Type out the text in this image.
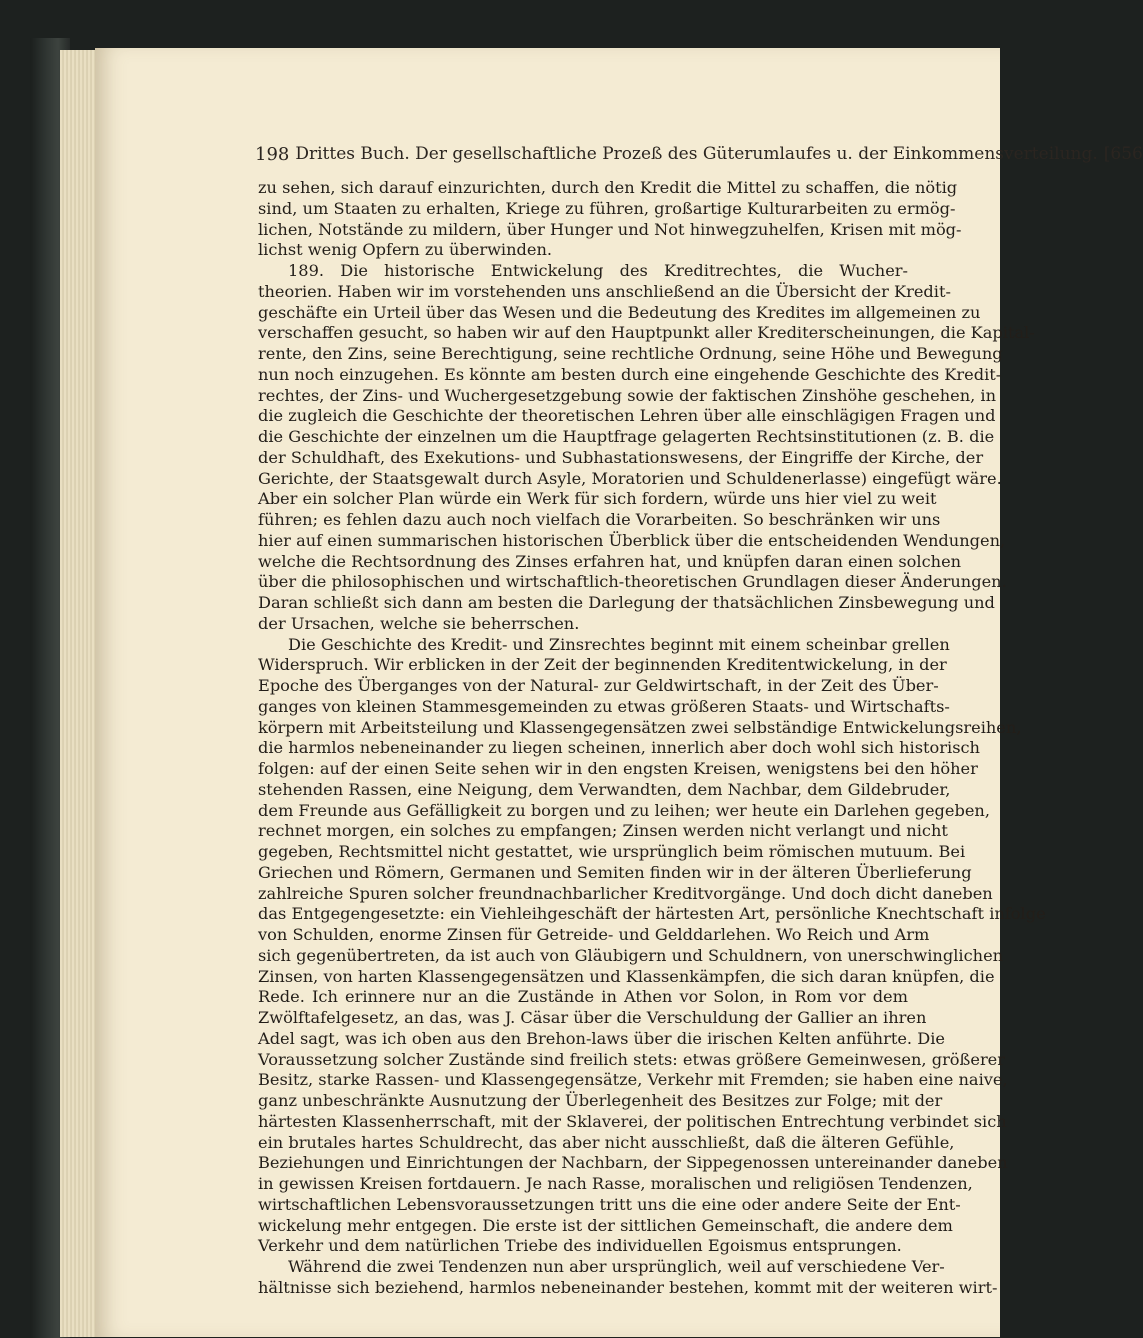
198 Drittes Buch. Der gesellschaftliche Prozeß des Güterumlaufes u. der Einkommensverteilung. [656
zu sehen, sich darauf einzurichten, durch den Kredit die Mittel zu schaffen, die nötig
sind, um Staaten zu erhalten, Kriege zu führen, großartige Kulturarbeiten zu ermög-
lichen, Notstände zu mildern, über Hunger und Not hinwegzuhelfen, Krisen mit mög-
lichst wenig Opfern zu überwinden.
189. Die historische Entwickelung des Kreditrechtes, die Wucher-
theorien. Haben wir im vorstehenden uns anschließend an die Übersicht der Kredit-
geschäfte ein Urteil über das Wesen und die Bedeutung des Kredites im allgemeinen zu
verschaffen gesucht, so haben wir auf den Hauptpunkt aller Krediterscheinungen, die Kapital-
rente, den Zins, seine Berechtigung, seine rechtliche Ordnung, seine Höhe und Bewegung
nun noch einzugehen. Es könnte am besten durch eine eingehende Geschichte des Kredit-
rechtes, der Zins- und Wuchergesetzgebung sowie der faktischen Zinshöhe geschehen, in
die zugleich die Geschichte der theoretischen Lehren über alle einschlägigen Fragen und
die Geschichte der einzelnen um die Hauptfrage gelagerten Rechtsinstitutionen (z. B. die
der Schuldhaft, des Exekutions- und Subhastationswesens, der Eingriffe der Kirche, der
Gerichte, der Staatsgewalt durch Asyle, Moratorien und Schuldenerlasse) eingefügt wäre.
Aber ein solcher Plan würde ein Werk für sich fordern, würde uns hier viel zu weit
führen; es fehlen dazu auch noch vielfach die Vorarbeiten. So beschränken wir uns
hier auf einen summarischen historischen Überblick über die entscheidenden Wendungen,
welche die Rechtsordnung des Zinses erfahren hat, und knüpfen daran einen solchen
über die philosophischen und wirtschaftlich-theoretischen Grundlagen dieser Änderungen.
Daran schließt sich dann am besten die Darlegung der thatsächlichen Zinsbewegung und
der Ursachen, welche sie beherrschen.
Die Geschichte des Kredit- und Zinsrechtes beginnt mit einem scheinbar grellen
Widerspruch. Wir erblicken in der Zeit der beginnenden Kreditentwickelung, in der
Epoche des Überganges von der Natural- zur Geldwirtschaft, in der Zeit des Über-
ganges von kleinen Stammesgemeinden zu etwas größeren Staats- und Wirtschafts-
körpern mit Arbeitsteilung und Klassengegensätzen zwei selbständige Entwickelungsreihen,
die harmlos nebeneinander zu liegen scheinen, innerlich aber doch wohl sich historisch
folgen: auf der einen Seite sehen wir in den engsten Kreisen, wenigstens bei den höher
stehenden Rassen, eine Neigung, dem Verwandten, dem Nachbar, dem Gildebruder,
dem Freunde aus Gefälligkeit zu borgen und zu leihen; wer heute ein Darlehen gegeben,
rechnet morgen, ein solches zu empfangen; Zinsen werden nicht verlangt und nicht
gegeben, Rechtsmittel nicht gestattet, wie ursprünglich beim römischen mutuum. Bei
Griechen und Römern, Germanen und Semiten finden wir in der älteren Überlieferung
zahlreiche Spuren solcher freundnachbarlicher Kreditvorgänge. Und doch dicht daneben
das Entgegengesetzte: ein Viehleihgeschäft der härtesten Art, persönliche Knechtschaft infolge
von Schulden, enorme Zinsen für Getreide- und Gelddarlehen. Wo Reich und Arm
sich gegenübertreten, da ist auch von Gläubigern und Schuldnern, von unerschwinglichen
Zinsen, von harten Klassengegensätzen und Klassenkämpfen, die sich daran knüpfen, die
Rede. Ich erinnere nur an die Zustände in Athen vor Solon, in Rom vor dem
Zwölftafelgesetz, an das, was J. Cäsar über die Verschuldung der Gallier an ihren
Adel sagt, was ich oben aus den Brehon-laws über die irischen Kelten anführte. Die
Voraussetzung solcher Zustände sind freilich stets: etwas größere Gemeinwesen, größerer
Besitz, starke Rassen- und Klassengegensätze, Verkehr mit Fremden; sie haben eine naive,
ganz unbeschränkte Ausnutzung der Überlegenheit des Besitzes zur Folge; mit der
härtesten Klassenherrschaft, mit der Sklaverei, der politischen Entrechtung verbindet sich
ein brutales hartes Schuldrecht, das aber nicht ausschließt, daß die älteren Gefühle,
Beziehungen und Einrichtungen der Nachbarn, der Sippegenossen untereinander daneben
in gewissen Kreisen fortdauern. Je nach Rasse, moralischen und religiösen Tendenzen,
wirtschaftlichen Lebensvoraussetzungen tritt uns die eine oder andere Seite der Ent-
wickelung mehr entgegen. Die erste ist der sittlichen Gemeinschaft, die andere dem
Verkehr und dem natürlichen Triebe des individuellen Egoismus entsprungen.
Während die zwei Tendenzen nun aber ursprünglich, weil auf verschiedene Ver-
hältnisse sich beziehend, harmlos nebeneinander bestehen, kommt mit der weiteren wirt-
